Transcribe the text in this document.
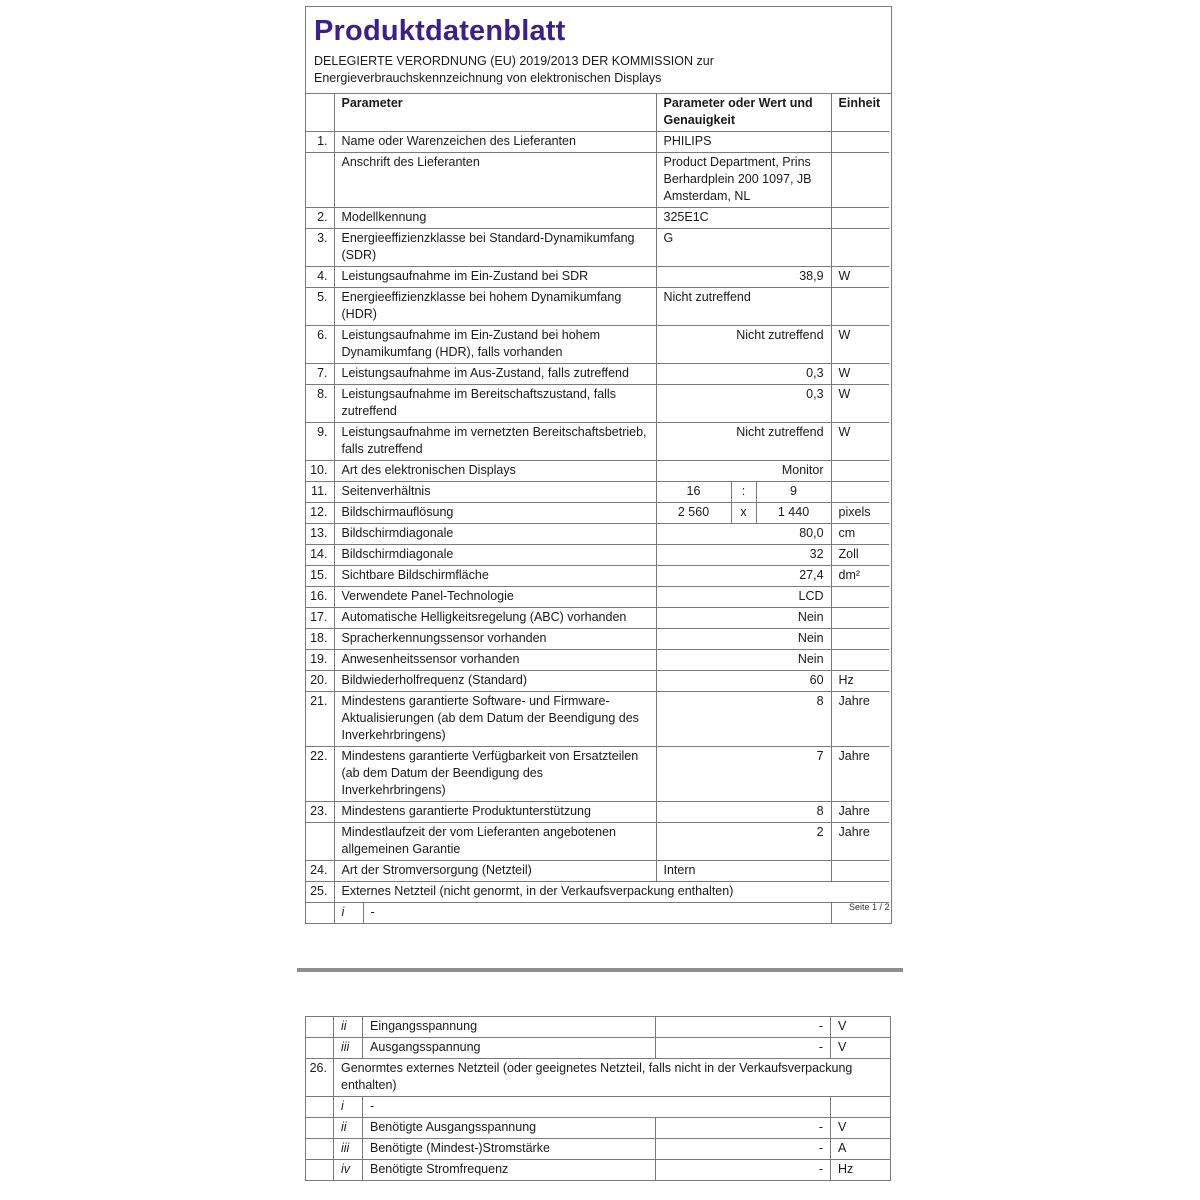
Produktdatenblatt
DELEGIERTE VERORDNUNG (EU) 2019/2013 DER KOMMISSION zur
Energieverbrauchskennzeichnung von elektronischen Displays
	Parameter		Parameter oder Wert und Genauigkeit			Einheit
1.	Name oder Warenzeichen des Lieferanten		PHILIPS			
	Anschrift des Lieferanten		Product Department, Prins Berhardplein 200 1097, JB Amsterdam, NL			
2.	Modellkennung		325E1C			
3.	Energieeffizienzklasse bei Standard-Dynamikumfang (SDR)		G			
4.	Leistungsaufnahme im Ein-Zustand bei SDR		38,9			W
5.	Energieeffizienzklasse bei hohem Dynamikumfang (HDR)		Nicht zutreffend			
6.	Leistungsaufnahme im Ein-Zustand bei hohem Dynamikumfang (HDR), falls vorhanden		Nicht zutreffend			W
7.	Leistungsaufnahme im Aus-Zustand, falls zutreffend		0,3			W
8.	Leistungsaufnahme im Bereitschaftszustand, falls zutreffend		0,3			W
9.	Leistungsaufnahme im vernetzten Bereitschaftsbetrieb, falls zutreffend		Nicht zutreffend			W
10.	Art des elektronischen Displays		Monitor			
11.	Seitenverhältnis		16	:	9	
12.	Bildschirmauflösung		2 560	x	1 440	pixels
13.	Bildschirmdiagonale		80,0			cm
14.	Bildschirmdiagonale		32			Zoll
15.	Sichtbare Bildschirmfläche		27,4			dm²
16.	Verwendete Panel-Technologie		LCD			
17.	Automatische Helligkeitsregelung (ABC) vorhanden		Nein			
18.	Spracherkennungssensor vorhanden		Nein			
19.	Anwesenheitssensor vorhanden		Nein			
20.	Bildwiederholfrequenz (Standard)		60			Hz
21.	Mindestens garantierte Software- und Firmware-Aktualisierungen (ab dem Datum der Beendigung des Inverkehrbringens)		8			Jahre
22.	Mindestens garantierte Verfügbarkeit von Ersatzteilen (ab dem Datum der Beendigung des Inverkehrbringens)		7			Jahre
23.	Mindestens garantierte Produktunterstützung		8			Jahre
	Mindestlaufzeit der vom Lieferanten angebotenen allgemeinen Garantie		2			Jahre
24.	Art der Stromversorgung (Netzteil)		Intern			
25.	Externes Netzteil (nicht genormt, in der Verkaufsverpackung enthalten)					
	i	-					Seite 1 / 2
	ii	Eingangsspannung	-	V
	iii	Ausgangsspannung	-	V
26.	Genormtes externes Netzteil (oder geeignetes Netzteil, falls nicht in der Verkaufsverpackung enthalten)			
	i	-		
	ii	Benötigte Ausgangsspannung	-	V
	iii	Benötigte (Mindest-)Stromstärke	-	A
	iv	Benötigte Stromfrequenz	-	Hz
